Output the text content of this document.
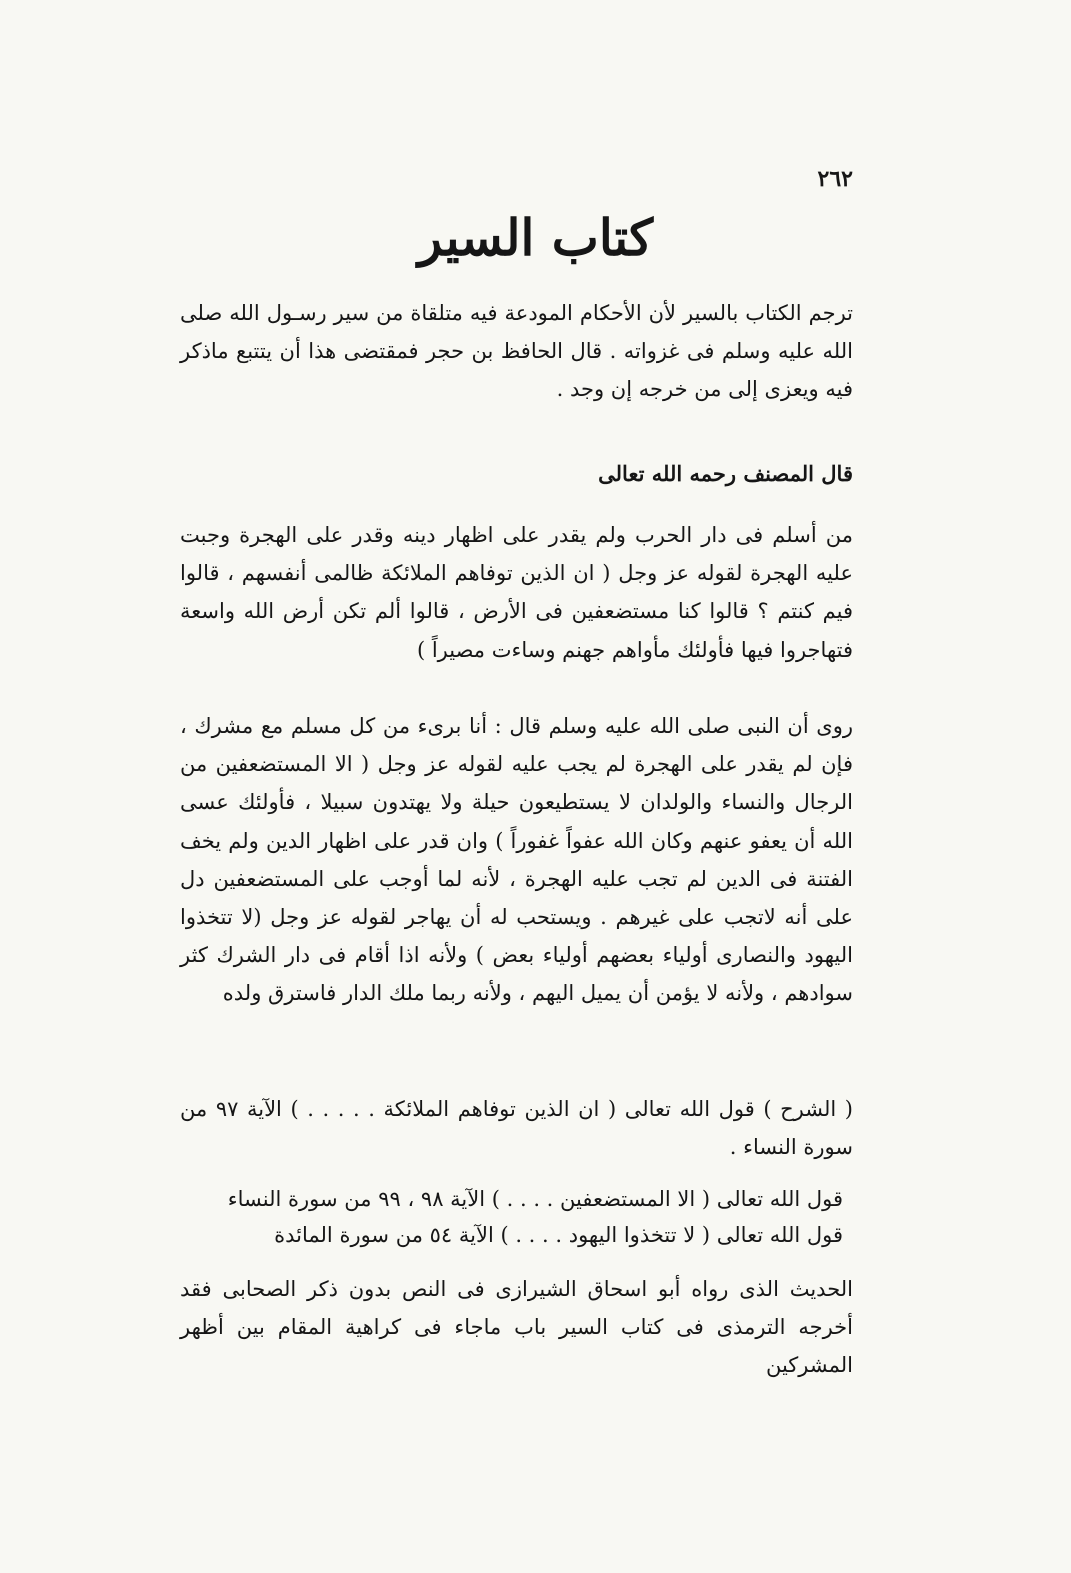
٢٦٢
كتاب السير

ترجم الكتاب بالسير لأن الأحكام المودعة فيه متلقاة من سير رسـول الله صلى الله عليه وسلم فى غزواته . قال الحافظ بن حجر فمقتضى هذا أن يتتبع ماذكر فيه ويعزى إلى من خرجه إن وجد .

قال المصنف رحمه الله تعالى

من أسلم فى دار الحرب ولم يقدر على اظهار دينه وقدر على الهجرة وجبت عليه الهجرة لقوله عز وجل ( ان الذين توفاهم الملائكة ظالمى أنفسهم ، قالوا فيم كنتم ؟ قالوا كنا مستضعفين فى الأرض ، قالوا ألم تكن أرض الله واسعة فتهاجروا فيها فأولئك مأواهم جهنم وساءت مصيراً )

روى أن النبى صلى الله عليه وسلم قال : أنا برىء من كل مسلم مع مشرك ، فإن لم يقدر على الهجرة لم يجب عليه لقوله عز وجل ( الا المستضعفين من الرجال والنساء والولدان لا يستطيعون حيلة ولا يهتدون سبيلا ، فأولئك عسى الله أن يعفو عنهم وكان الله عفواً غفوراً ) وان قدر على اظهار الدين ولم يخف الفتنة فى الدين لم تجب عليه الهجرة ، لأنه لما أوجب على المستضعفين دل على أنه لاتجب على غيرهم . ويستحب له أن يهاجر لقوله عز وجل (لا تتخذوا اليهود والنصارى أولياء بعضهم أولياء بعض ) ولأنه اذا أقام فى دار الشرك كثر سوادهم ، ولأنه لا يؤمن أن يميل اليهم ، ولأنه ربما ملك الدار فاسترق ولده

( الشرح ) قول الله تعالى ( ان الذين توفاهم الملائكة . . . . . ) الآية ٩٧ من سورة النساء .

قول الله تعالى ( الا المستضعفين . . . . ) الآية ٩٨ ، ٩٩ من سورة النساء
قول الله تعالى ( لا تتخذوا اليهود . . . . ) الآية ٥٤ من سورة المائدة

الحديث الذى رواه أبو اسحاق الشيرازى فى النص بدون ذكر الصحابى فقد أخرجه الترمذى فى كتاب السير باب ماجاء فى كراهية المقام بين أظهر المشركين
